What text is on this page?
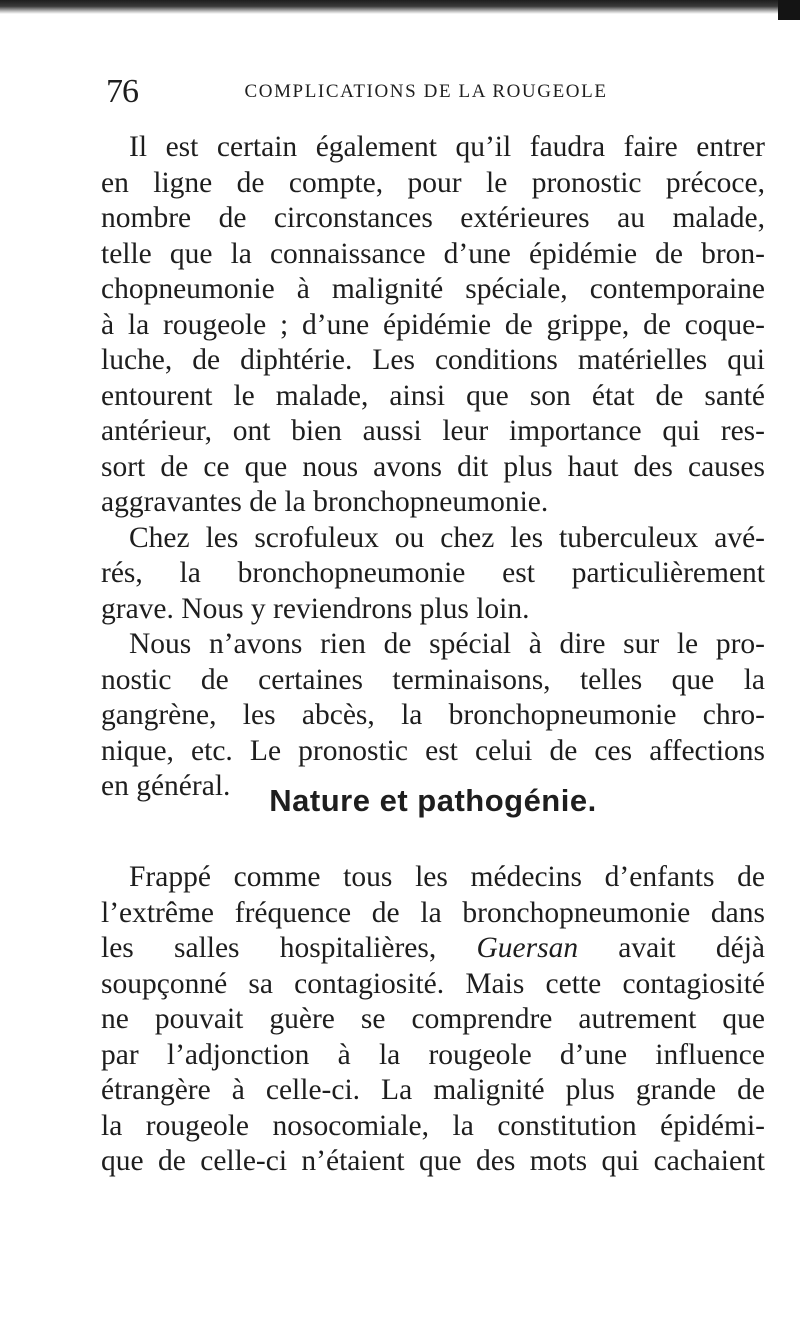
76	COMPLICATIONS DE LA ROUGEOLE
Il est certain également qu’il faudra faire entrer
en ligne de compte, pour le pronostic précoce,
nombre de circonstances extérieures au malade,
telle que la connaissance d’une épidémie de bron-
chopneumonie à malignité spéciale, contemporaine
à la rougeole ; d’une épidémie de grippe, de coque-
luche, de diphtérie. Les conditions matérielles qui
entourent le malade, ainsi que son état de santé
antérieur, ont bien aussi leur importance qui res-
sort de ce que nous avons dit plus haut des causes
aggravantes de la bronchopneumonie.
Chez les scrofuleux ou chez les tuberculeux avé-
rés, la bronchopneumonie est particulièrement
grave. Nous y reviendrons plus loin.
Nous n’avons rien de spécial à dire sur le pro-
nostic de certaines terminaisons, telles que la
gangrène, les abcès, la bronchopneumonie chro-
nique, etc. Le pronostic est celui de ces affections
en général.	Nature et pathogénie.
Frappé comme tous les médecins d’enfants de
l’extrême fréquence de la bronchopneumonie dans
les salles hospitalières, Guersan avait déjà
soupçonné sa contagiosité. Mais cette contagiosité
ne pouvait guère se comprendre autrement que
par l’adjonction à la rougeole d’une influence
étrangère à celle-ci. La malignité plus grande de
la rougeole nosocomiale, la constitution épidémi-
que de celle-ci n’étaient que des mots qui cachaient
